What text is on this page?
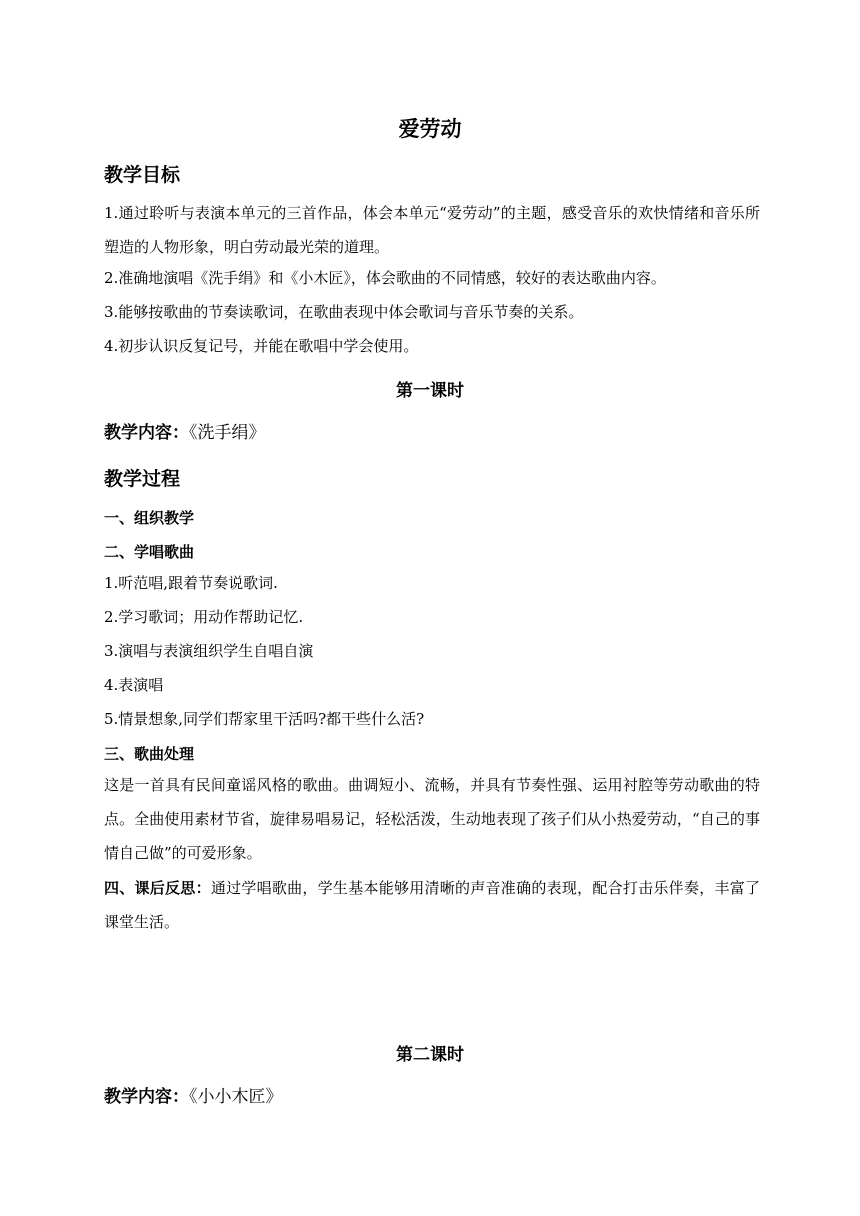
爱劳动
教学目标
1.通过聆听与表演本单元的三首作品，体会本单元“爱劳动”的主题，感受音乐的欢快情绪和音乐所塑造的人物形象，明白劳动最光荣的道理。
2.准确地演唱《洗手绢》和《小木匠》，体会歌曲的不同情感，较好的表达歌曲内容。
3.能够按歌曲的节奏读歌词，在歌曲表现中体会歌词与音乐节奏的关系。
4.初步认识反复记号，并能在歌唱中学会使用。
第一课时
教学内容：《洗手绢》
教学过程
一、组织教学
二、学唱歌曲
1.听范唱,跟着节奏说歌词.
2.学习歌词；用动作帮助记忆.
3.演唱与表演组织学生自唱自演
4.表演唱
5.情景想象,同学们帮家里干活吗?都干些什么活?
三、歌曲处理
这是一首具有民间童谣风格的歌曲。曲调短小、流畅，并具有节奏性强、运用衬腔等劳动歌曲的特点。全曲使用素材节省，旋律易唱易记，轻松活泼，生动地表现了孩子们从小热爱劳动，“自己的事情自己做”的可爱形象。
四、课后反思：通过学唱歌曲，学生基本能够用清晰的声音准确的表现，配合打击乐伴奏，丰富了课堂生活。
第二课时
教学内容：《小小木匠》
